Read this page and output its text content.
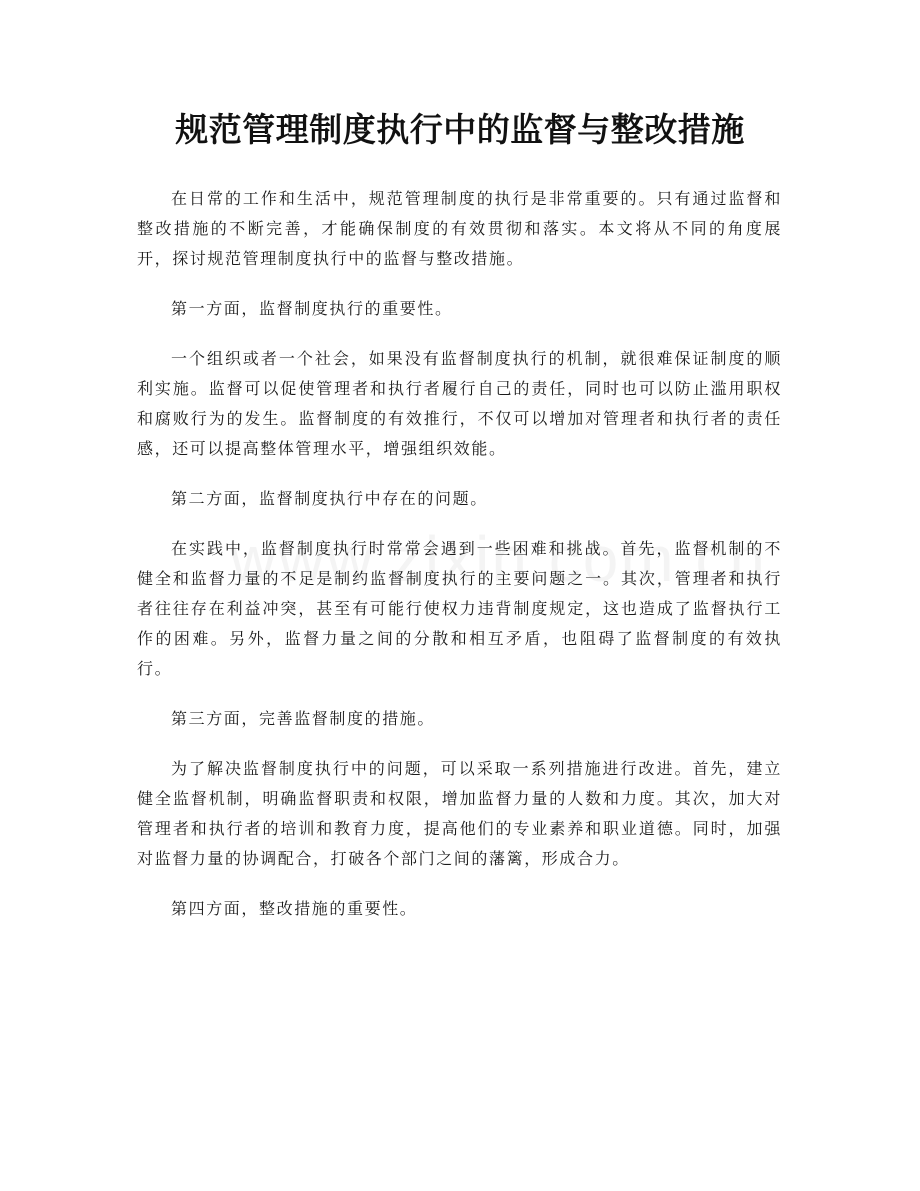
规范管理制度执行中的监督与整改措施

在日常的工作和生活中，规范管理制度的执行是非常重要的。只有通过监督和整改措施的不断完善，才能确保制度的有效贯彻和落实。本文将从不同的角度展开，探讨规范管理制度执行中的监督与整改措施。

第一方面，监督制度执行的重要性。

一个组织或者一个社会，如果没有监督制度执行的机制，就很难保证制度的顺利实施。监督可以促使管理者和执行者履行自己的责任，同时也可以防止滥用职权和腐败行为的发生。监督制度的有效推行，不仅可以增加对管理者和执行者的责任感，还可以提高整体管理水平，增强组织效能。

第二方面，监督制度执行中存在的问题。

在实践中，监督制度执行时常常会遇到一些困难和挑战。首先，监督机制的不健全和监督力量的不足是制约监督制度执行的主要问题之一。其次，管理者和执行者往往存在利益冲突，甚至有可能行使权力违背制度规定，这也造成了监督执行工作的困难。另外，监督力量之间的分散和相互矛盾，也阻碍了监督制度的有效执行。

第三方面，完善监督制度的措施。

为了解决监督制度执行中的问题，可以采取一系列措施进行改进。首先，建立健全监督机制，明确监督职责和权限，增加监督力量的人数和力度。其次，加大对管理者和执行者的培训和教育力度，提高他们的专业素养和职业道德。同时，加强对监督力量的协调配合，打破各个部门之间的藩篱，形成合力。

第四方面，整改措施的重要性。
